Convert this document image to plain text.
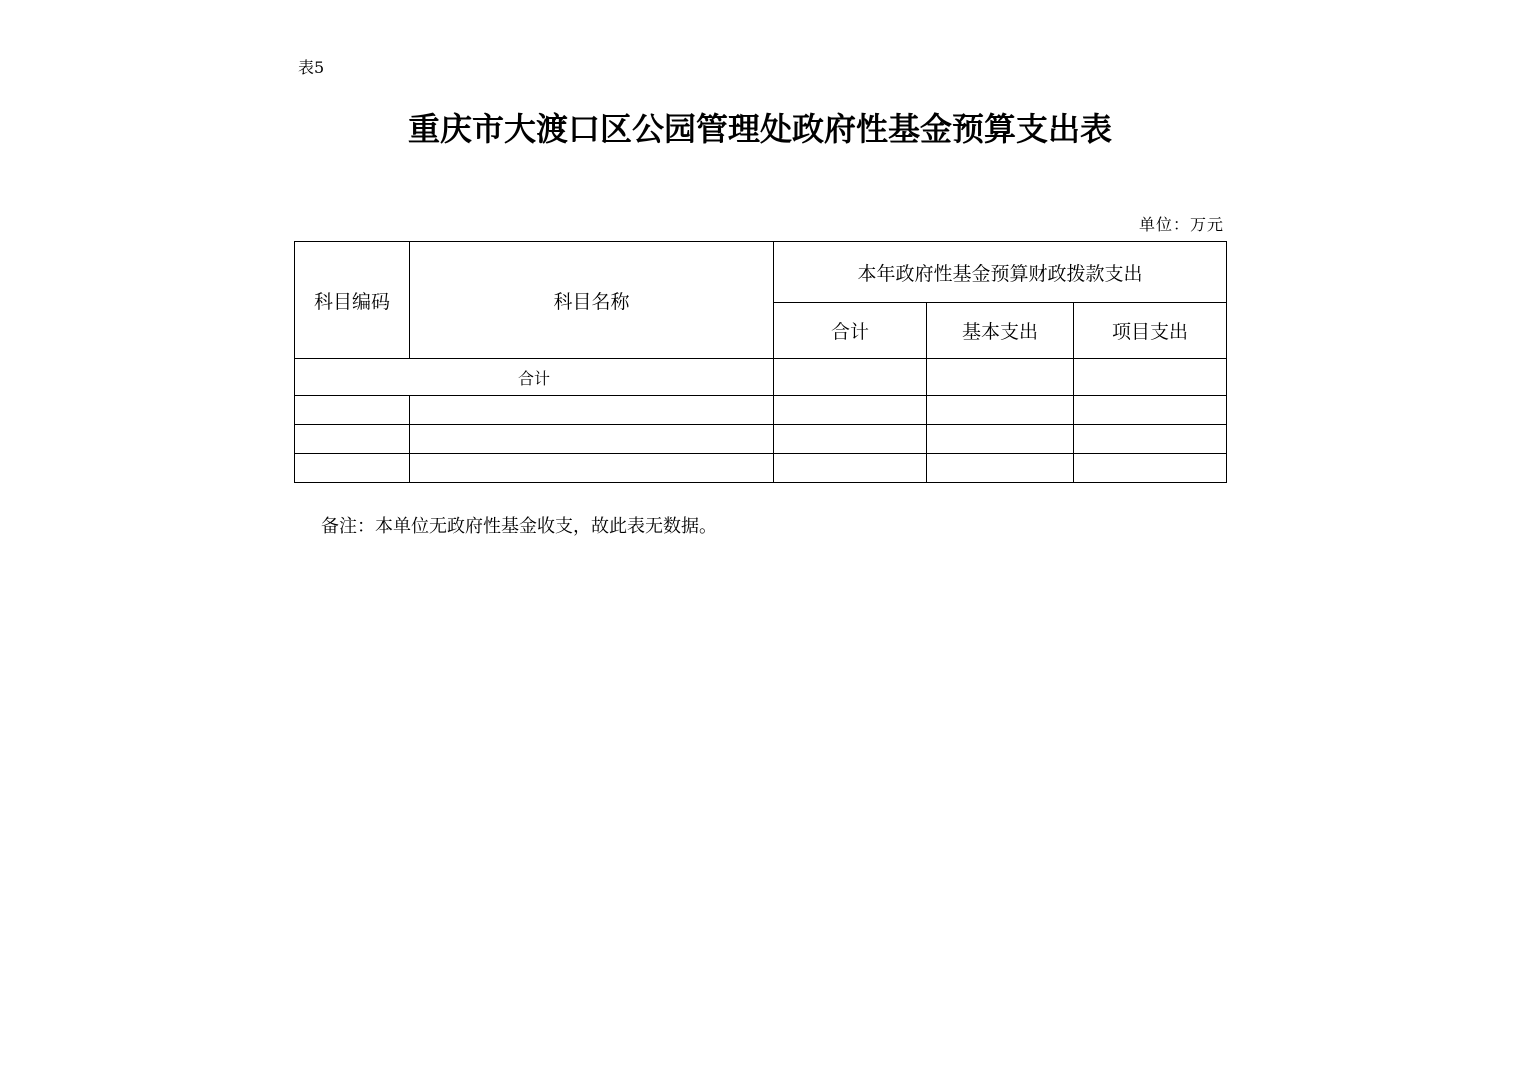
表5
重庆市大渡口区公园管理处政府性基金预算支出表
单位：万元
科目编码	科目名称	本年政府性基金预算财政拨款支出		
		合计	基本支出	项目支出
合计				

备注：本单位无政府性基金收支，故此表无数据。
